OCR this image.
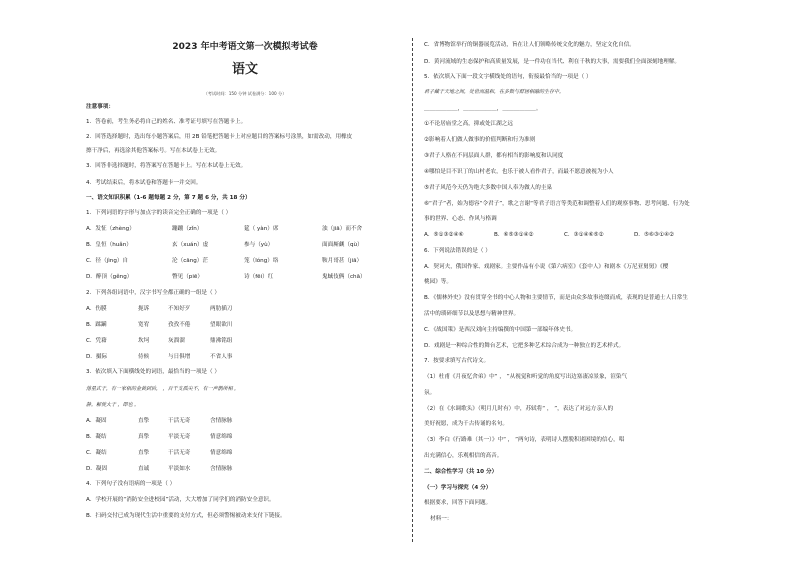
2023 年中考语文第一次模拟考试卷
语文
（考试时间：150 分钟 试卷满分：100 分）
注意事项：
1．答卷前，考生务必将自己的姓名、准考证号填写在答题卡上。
2．回答选择题时，选出每小题答案后，用 2B 铅笔把答题卡上对应题目的答案标号涂黑，如需改动，用橡皮
擦干净后，再选涂其他答案标号。写在本试卷上无效。
3．回答非选择题时，将答案写在答题卡上。写在本试卷上无效。
4．考试结束后，将本试卷和答题卡一并交回。
一、语文知识积累（1-6 题每题 2 分，第 7 题 6 分，共 18 分）
1．下列词语的字形与加点字的读音完全正确的一项是（ ）
A．发怔（zhèng）	蹦蹦（zǐn）	筵（ yàn）席	浊（jiā）而不舍
B．皇恒（huǎn）	玄（xuán）虚	参与（yù）	面面厮觑（qù）
C．径（jìng）自	沦（cāng）茫	笼（lóng）络	鞍月哥甚（jiā）
D．醉顶（gěng）	瞥见（piē）	诗（fēi）红	鬼蜮伎俩（chā）
2．下列各组词语中，汉字书写全都正确的一组是（ ）
A．伤膜	扼诉	不知好歹	两肋插刀
B．蹂躏	宽宥	孜孜不倦	望眼欲川
C．凭藉	坎坷	灰溜溜	鼎沸铭组
D．摄际	侍候	与日俱增	不省人事
3．依次填入下面横线处的词语，最恰当的一项是（ ）
落星式于，有一家梧的金黄到后， ，百千支孤尖不，有一声鹊所相 ，
静。解使大于 ，即也 。
A．凝固	直挚	干活无奇	含情脉脉
B．凝结	真挚	平淡无奇	情意绵绵
C．凝结	直挚	干活无奇	情意绵绵
D．凝固	直诚	平淡如水	含情脉脉
4．下列句子没有语病的一项是（ ）
A．学校开展的“消防安全进校园”活动，大大增加了同学们的消防安全意识。
B．扫码交付已成为现代生活中重要的支付方式，但必须警惕被动来支付下链接。
C．省博物馆举行的铜器展览活动，旨在让人们领略传统文化的魅力，坚定文化自信。
D．黄河流域的生态保护和高质量发展，是一件功在当代、利在千秋的大事，需要我们全面深刻地理解。
5．依次填入下面一段文字横线处的语句，衔接最恰当的一项是（ ）
君子藏于天地之间，处世而温和，在多数与群居相融的生存中。
＿＿＿＿＿＿，＿＿＿＿＿＿，＿＿＿＿＿＿。
①不论居庙堂之高，抑或处江湖之远
②影响着人们做人做事的价值判断和行为准则
③君子人格在不同层面人群，都有相当的影响度和认同度
④哪怕是目不识丁的山村老农，也乐于被人看作君子，而最不愿意被视为小人
⑤君子风范今天仍为绝大多数中国人奉为做人的圭臬
⑥“君子”者，始为德容“令君子”，歌之言谢“等君子语言等类范和调整着人们的观察事物、思考问题、行为处
事的世界、心态、作风与格调
A．⑤①③②④⑥	B．⑥⑤③①④②	C．③①④⑥⑤②	D．⑤⑥③①④②
6．下列说法错误的是（ ）
A．契诃夫，俄国作家、戏剧家。主要作品有小说《第六病室》《套中人》和剧本《万尼亚舅舅》《樱
桃园》等。
B．《儒林外史》没有贯穿全书的中心人物和主要情节，而是由众多故事连缀而成，表现的是普通士人日常生
活中的琐碎细节以及思想与精神世界。
C．《战国策》是西汉刘向主持编撰的中国第一部编年体史书。
D．戏剧是一种综合性的舞台艺术，它把多种艺术综合成为一种独立的艺术样式。
7．按要求填写古代诗文。
（1）杜甫《月夜忆舍弟》中“ ， ”从视觉和听觉的角度写出边塞凄凉景象，渲染气
氛。
（2）在《水调歌头》（明月几时有）中，苏轼将“ ， ”，表达了对远方亲人的
美好祝愿，成为千古传诵的名句。
（3）李白《行路难（其一）》中“ ， ”两句诗，表明诗人摆脱积诸困境的信心，唱
出充满信心，乐观相信的高音。
二、综合性学习（共 10 分）
（一）学习与探究（4 分）
根据要求，回答下面问题。
材料一：
